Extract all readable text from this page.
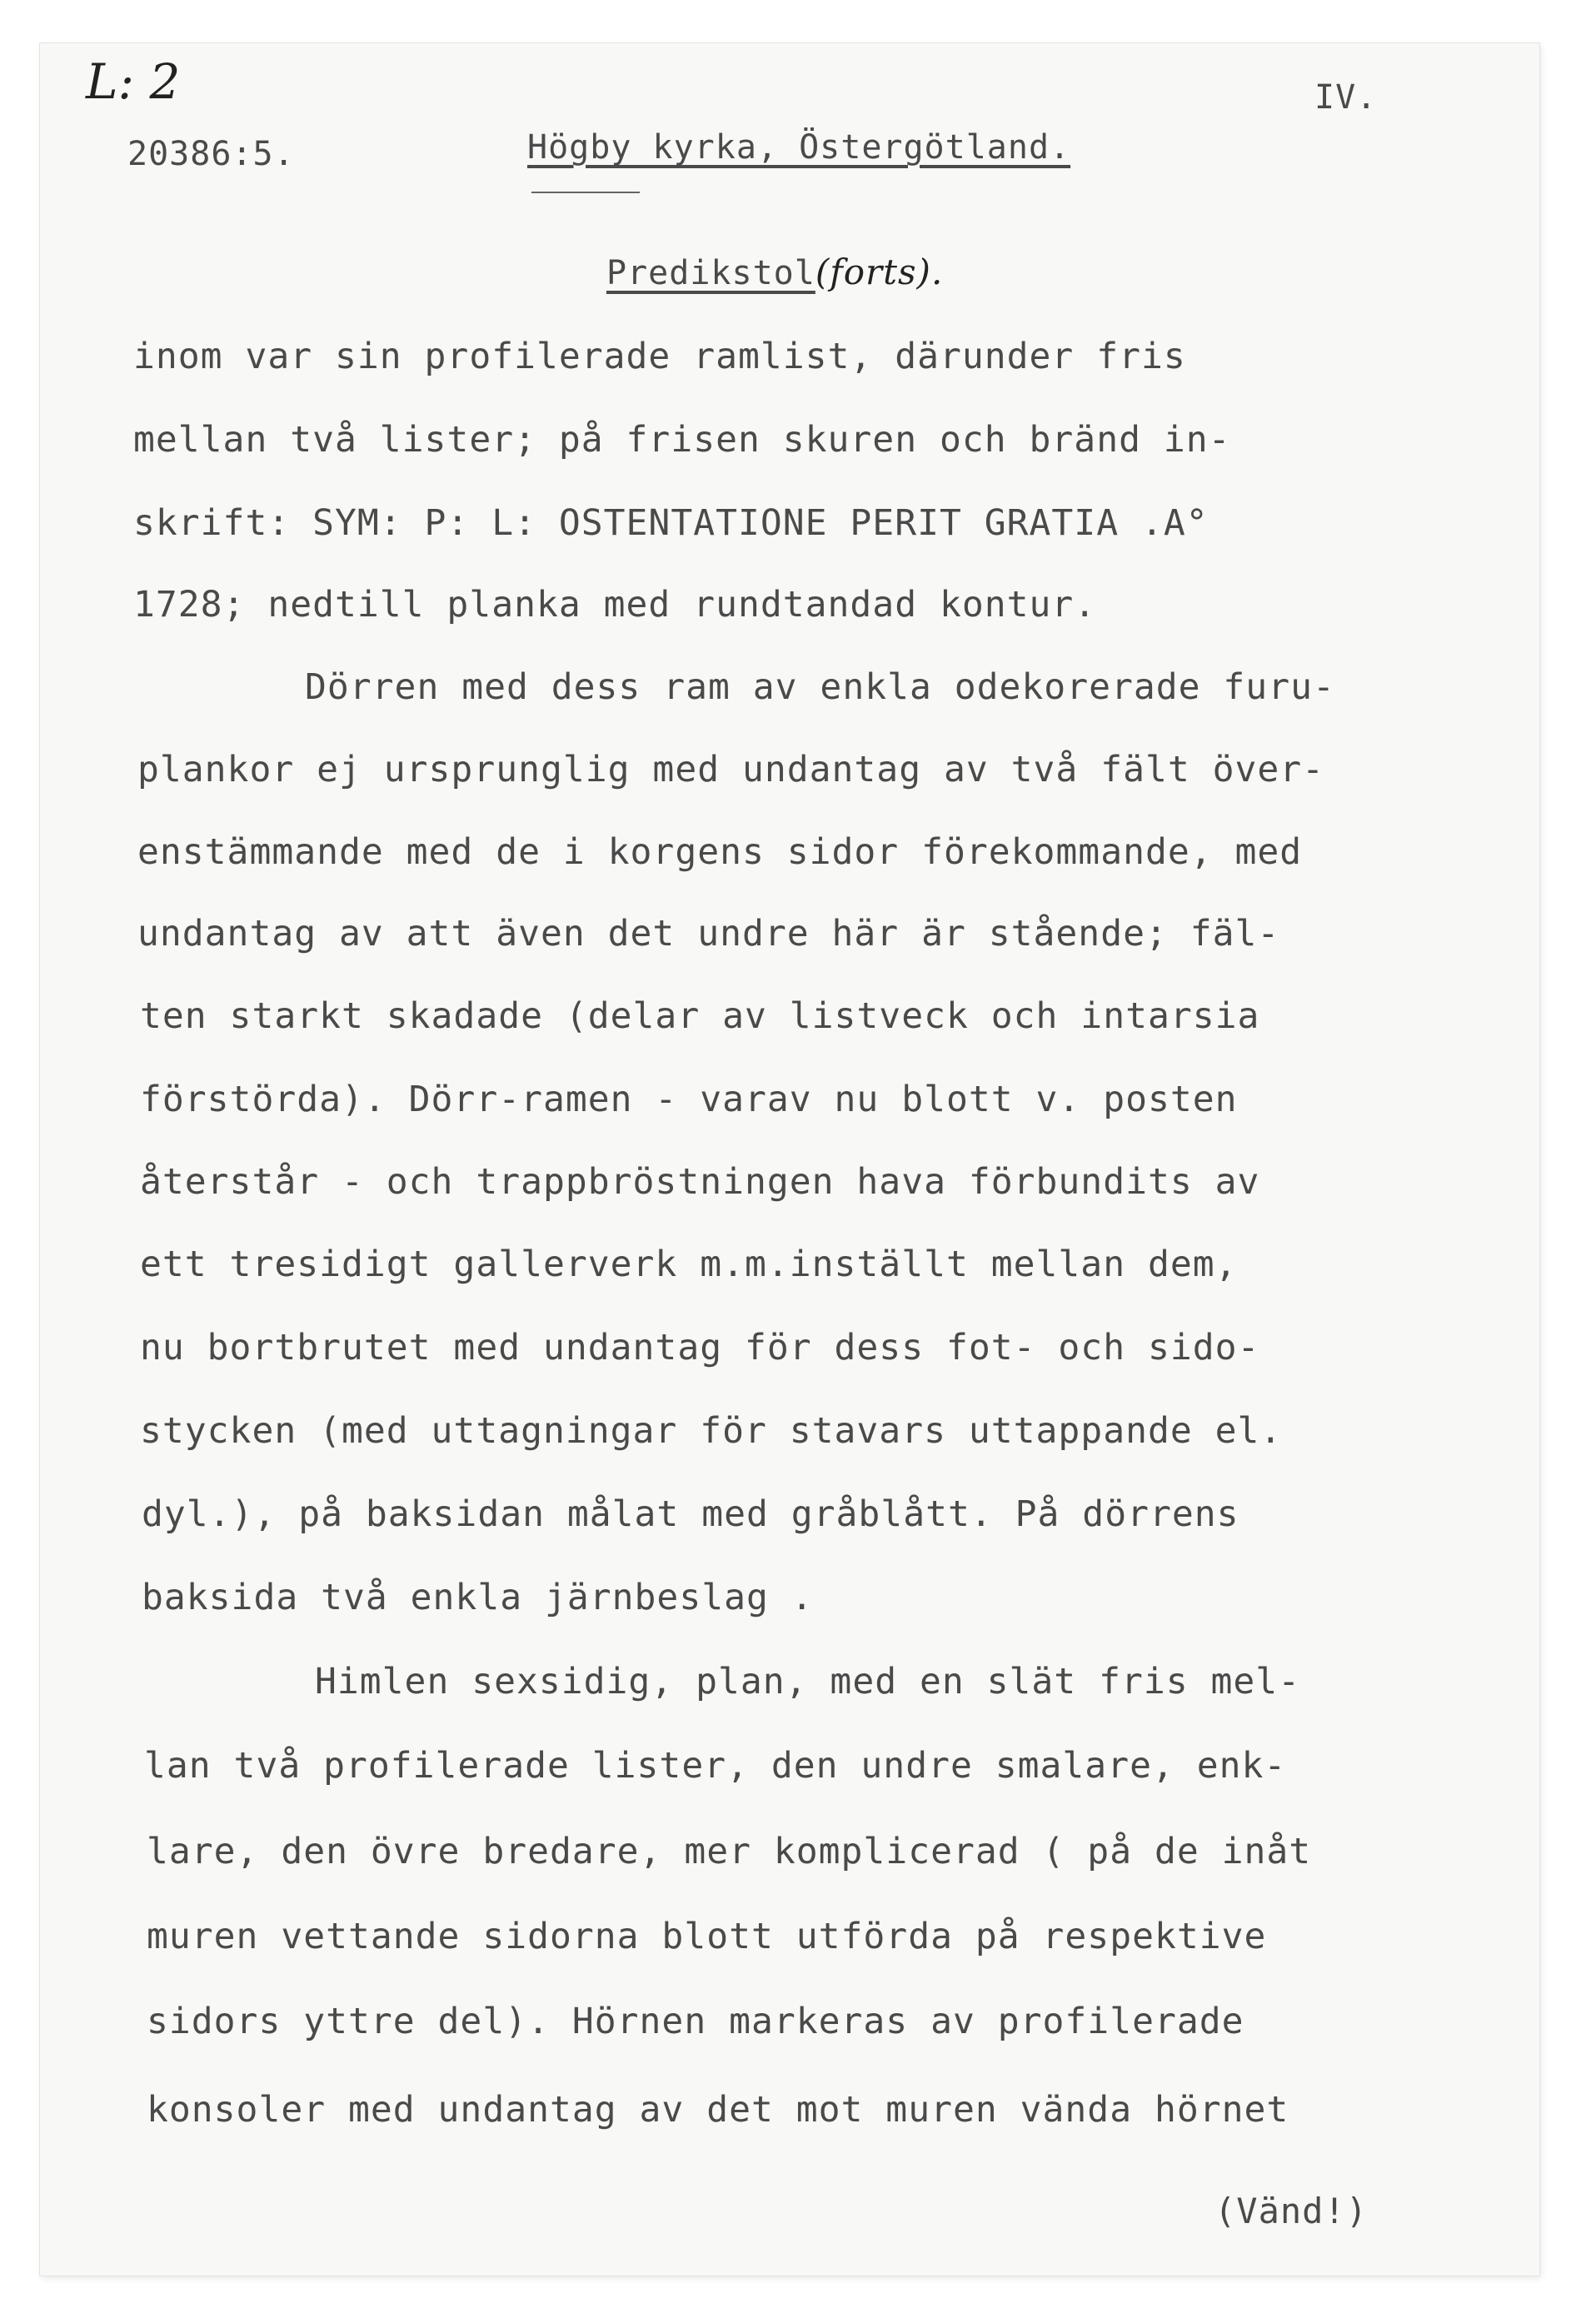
L: 2	IV.
20386:5.	Högby kyrka, Östergötland.
Predikstol(forts).
inom var sin profilerade ramlist, därunder fris
mellan två lister; på frisen skuren och bränd in-
skrift: SYM: P: L: OSTENTATIONE PERIT GRATIA .A°
1728; nedtill planka med rundtandad kontur.
Dörren med dess ram av enkla odekorerade furu-
plankor ej ursprunglig med undantag av två fält över-
enstämmande med de i korgens sidor förekommande, med
undantag av att även det undre här är stående; fäl-
ten starkt skadade (delar av listveck och intarsia
förstörda). Dörr-ramen - varav nu blott v. posten
återstår - och trappbröstningen hava förbundits av
ett tresidigt gallerverk m.m.inställt mellan dem,
nu bortbrutet med undantag för dess fot- och sido-
stycken (med uttagningar för stavars uttappande el.
dyl.), på baksidan målat med gråblått. På dörrens
baksida två enkla järnbeslag .
Himlen sexsidig, plan, med en slät fris mel-
lan två profilerade lister, den undre smalare, enk-
lare, den övre bredare, mer komplicerad ( på de inåt
muren vettande sidorna blott utförda på respektive
sidors yttre del). Hörnen markeras av profilerade
konsoler med undantag av det mot muren vända hörnet
(Vänd!)
